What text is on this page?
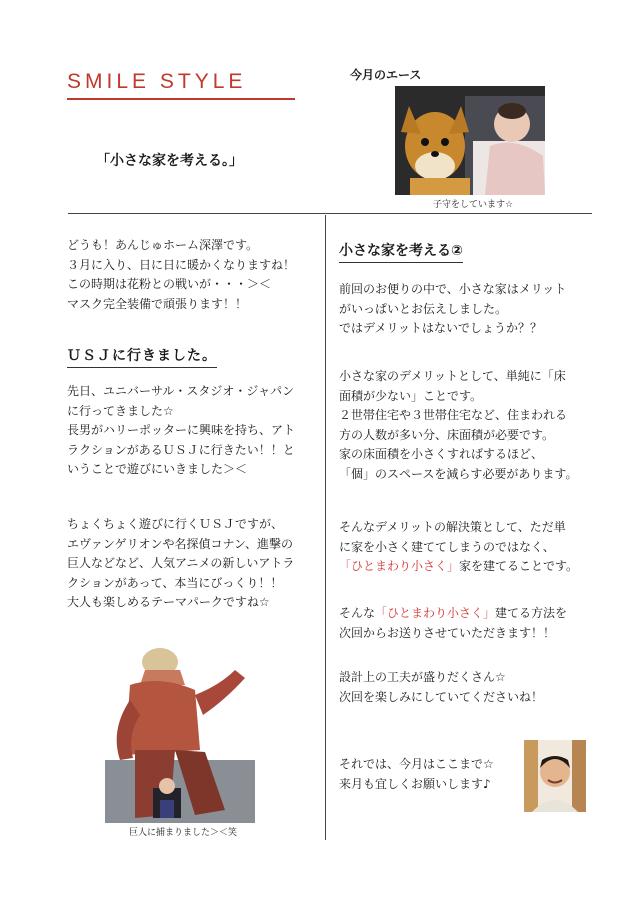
SMILE STYLE
「小さな家を考える。」
今月のエース
子守をしています☆
どうも！あんじゅホーム深澤です。
３月に入り、日に日に暖かくなりますね！
この時期は花粉との戦いが・・・＞＜
マスク完全装備で頑張ります！！
ＵＳＪに行きました。
先日、ユニバーサル・スタジオ・ジャパン
に行ってきました☆
長男がハリーポッターに興味を持ち、アト
ラクションがあるＵＳＪに行きたい！！と
いうことで遊びにいきました＞＜
ちょくちょく遊びに行くＵＳＪですが、
エヴァンゲリオンや名探偵コナン、進撃の
巨人などなど、人気アニメの新しいアトラ
クションがあって、本当にびっくり！！
大人も楽しめるテーマパークですね☆
巨人に捕まりました＞＜笑
小さな家を考える②
前回のお便りの中で、小さな家はメリット
がいっぱいとお伝えしました。
ではデメリットはないでしょうか？？
小さな家のデメリットとして、単純に「床
面積が少ない」ことです。
２世帯住宅や３世帯住宅など、住まわれる
方の人数が多い分、床面積が必要です。
家の床面積を小さくすればするほど、
「個」のスペースを減らす必要があります。
そんなデメリットの解決策として、ただ単
に家を小さく建ててしまうのではなく、
「ひとまわり小さく」家を建てることです。
そんな「ひとまわり小さく」建てる方法を
次回からお送りさせていただきます！！
設計上の工夫が盛りだくさん☆
次回を楽しみにしていてくださいね！
それでは、今月はここまで☆
来月も宜しくお願いします♪
